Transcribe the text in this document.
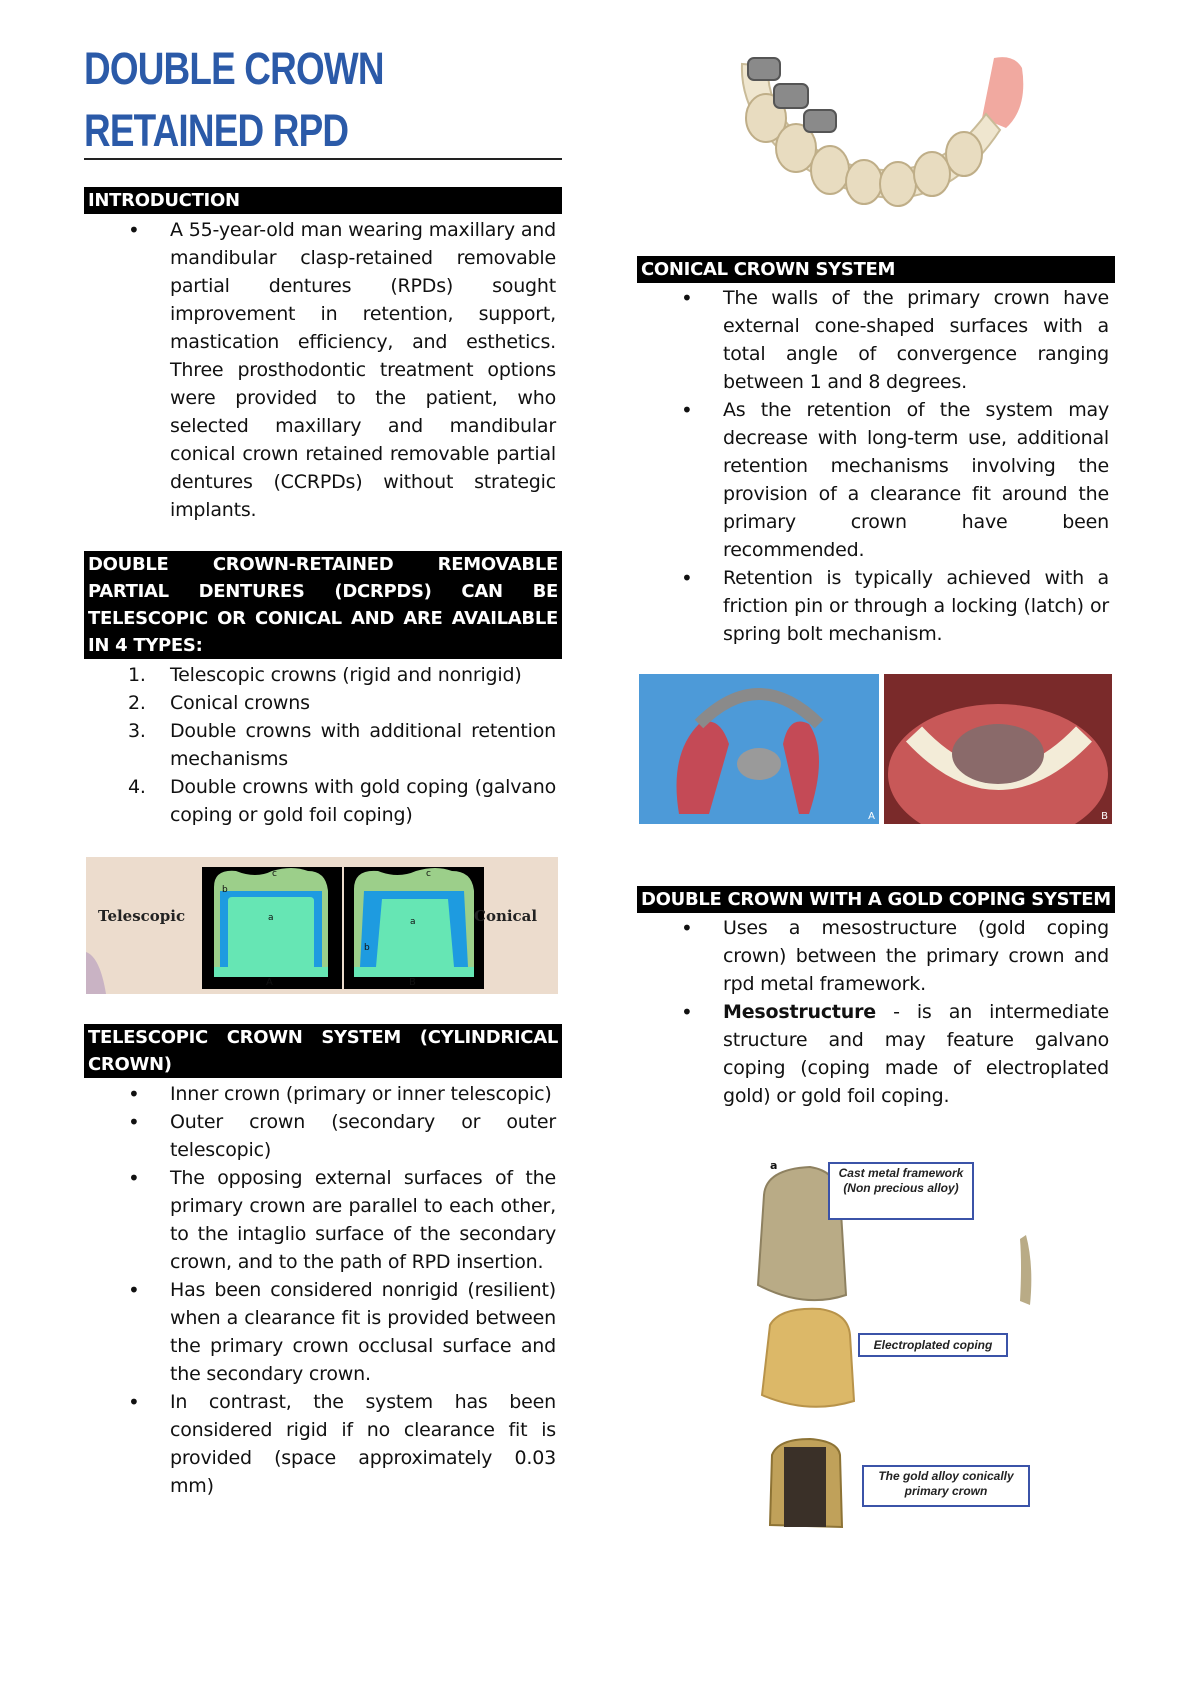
DOUBLE CROWN
RETAINED RPD
INTRODUCTION
• A 55-year-old man wearing maxillary and mandibular clasp-retained removable partial dentures (RPDs) sought improvement in retention, support, mastication efficiency, and esthetics. Three prosthodontic treatment options were provided to the patient, who selected maxillary and mandibular conical crown retained removable partial dentures (CCRPDs) without strategic implants.
DOUBLE CROWN-RETAINED REMOVABLE PARTIAL DENTURES (DCRPDS) CAN BE TELESCOPIC OR CONICAL AND ARE AVAILABLE IN 4 TYPES:
1. Telescopic crowns (rigid and nonrigid)
2. Conical crowns
3. Double crowns with additional retention mechanisms
4. Double crowns with gold coping (galvano coping or gold foil coping)
Telescopic	Conical
a
b
c
A
a
b
c
B
TELESCOPIC CROWN SYSTEM (CYLINDRICAL CROWN)
• Inner crown (primary or inner telescopic)
• Outer crown (secondary or outer telescopic)
• The opposing external surfaces of the primary crown are parallel to each other, to the intaglio surface of the secondary crown, and to the path of RPD insertion.
• Has been considered nonrigid (resilient) when a clearance fit is provided between the primary crown occlusal surface and the secondary crown.
• In contrast, the system has been considered rigid if no clearance fit is provided (space approximately 0.03 mm)
CONICAL CROWN SYSTEM
• The walls of the primary crown have external cone-shaped surfaces with a total angle of convergence ranging between 1 and 8 degrees.
• As the retention of the system may decrease with long-term use, additional retention mechanisms involving the provision of a clearance fit around the primary crown have been recommended.
• Retention is typically achieved with a friction pin or through a locking (latch) or spring bolt mechanism.
A	B
DOUBLE CROWN WITH A GOLD COPING SYSTEM
• Uses a mesostructure (gold coping crown) between the primary crown and rpd metal framework.
• Mesostructure - is an intermediate structure and may feature galvano coping (coping made of electroplated gold) or gold foil coping.
a
Cast metal framework (Non precious alloy)
Electroplated coping
The gold alloy conically primary crown
